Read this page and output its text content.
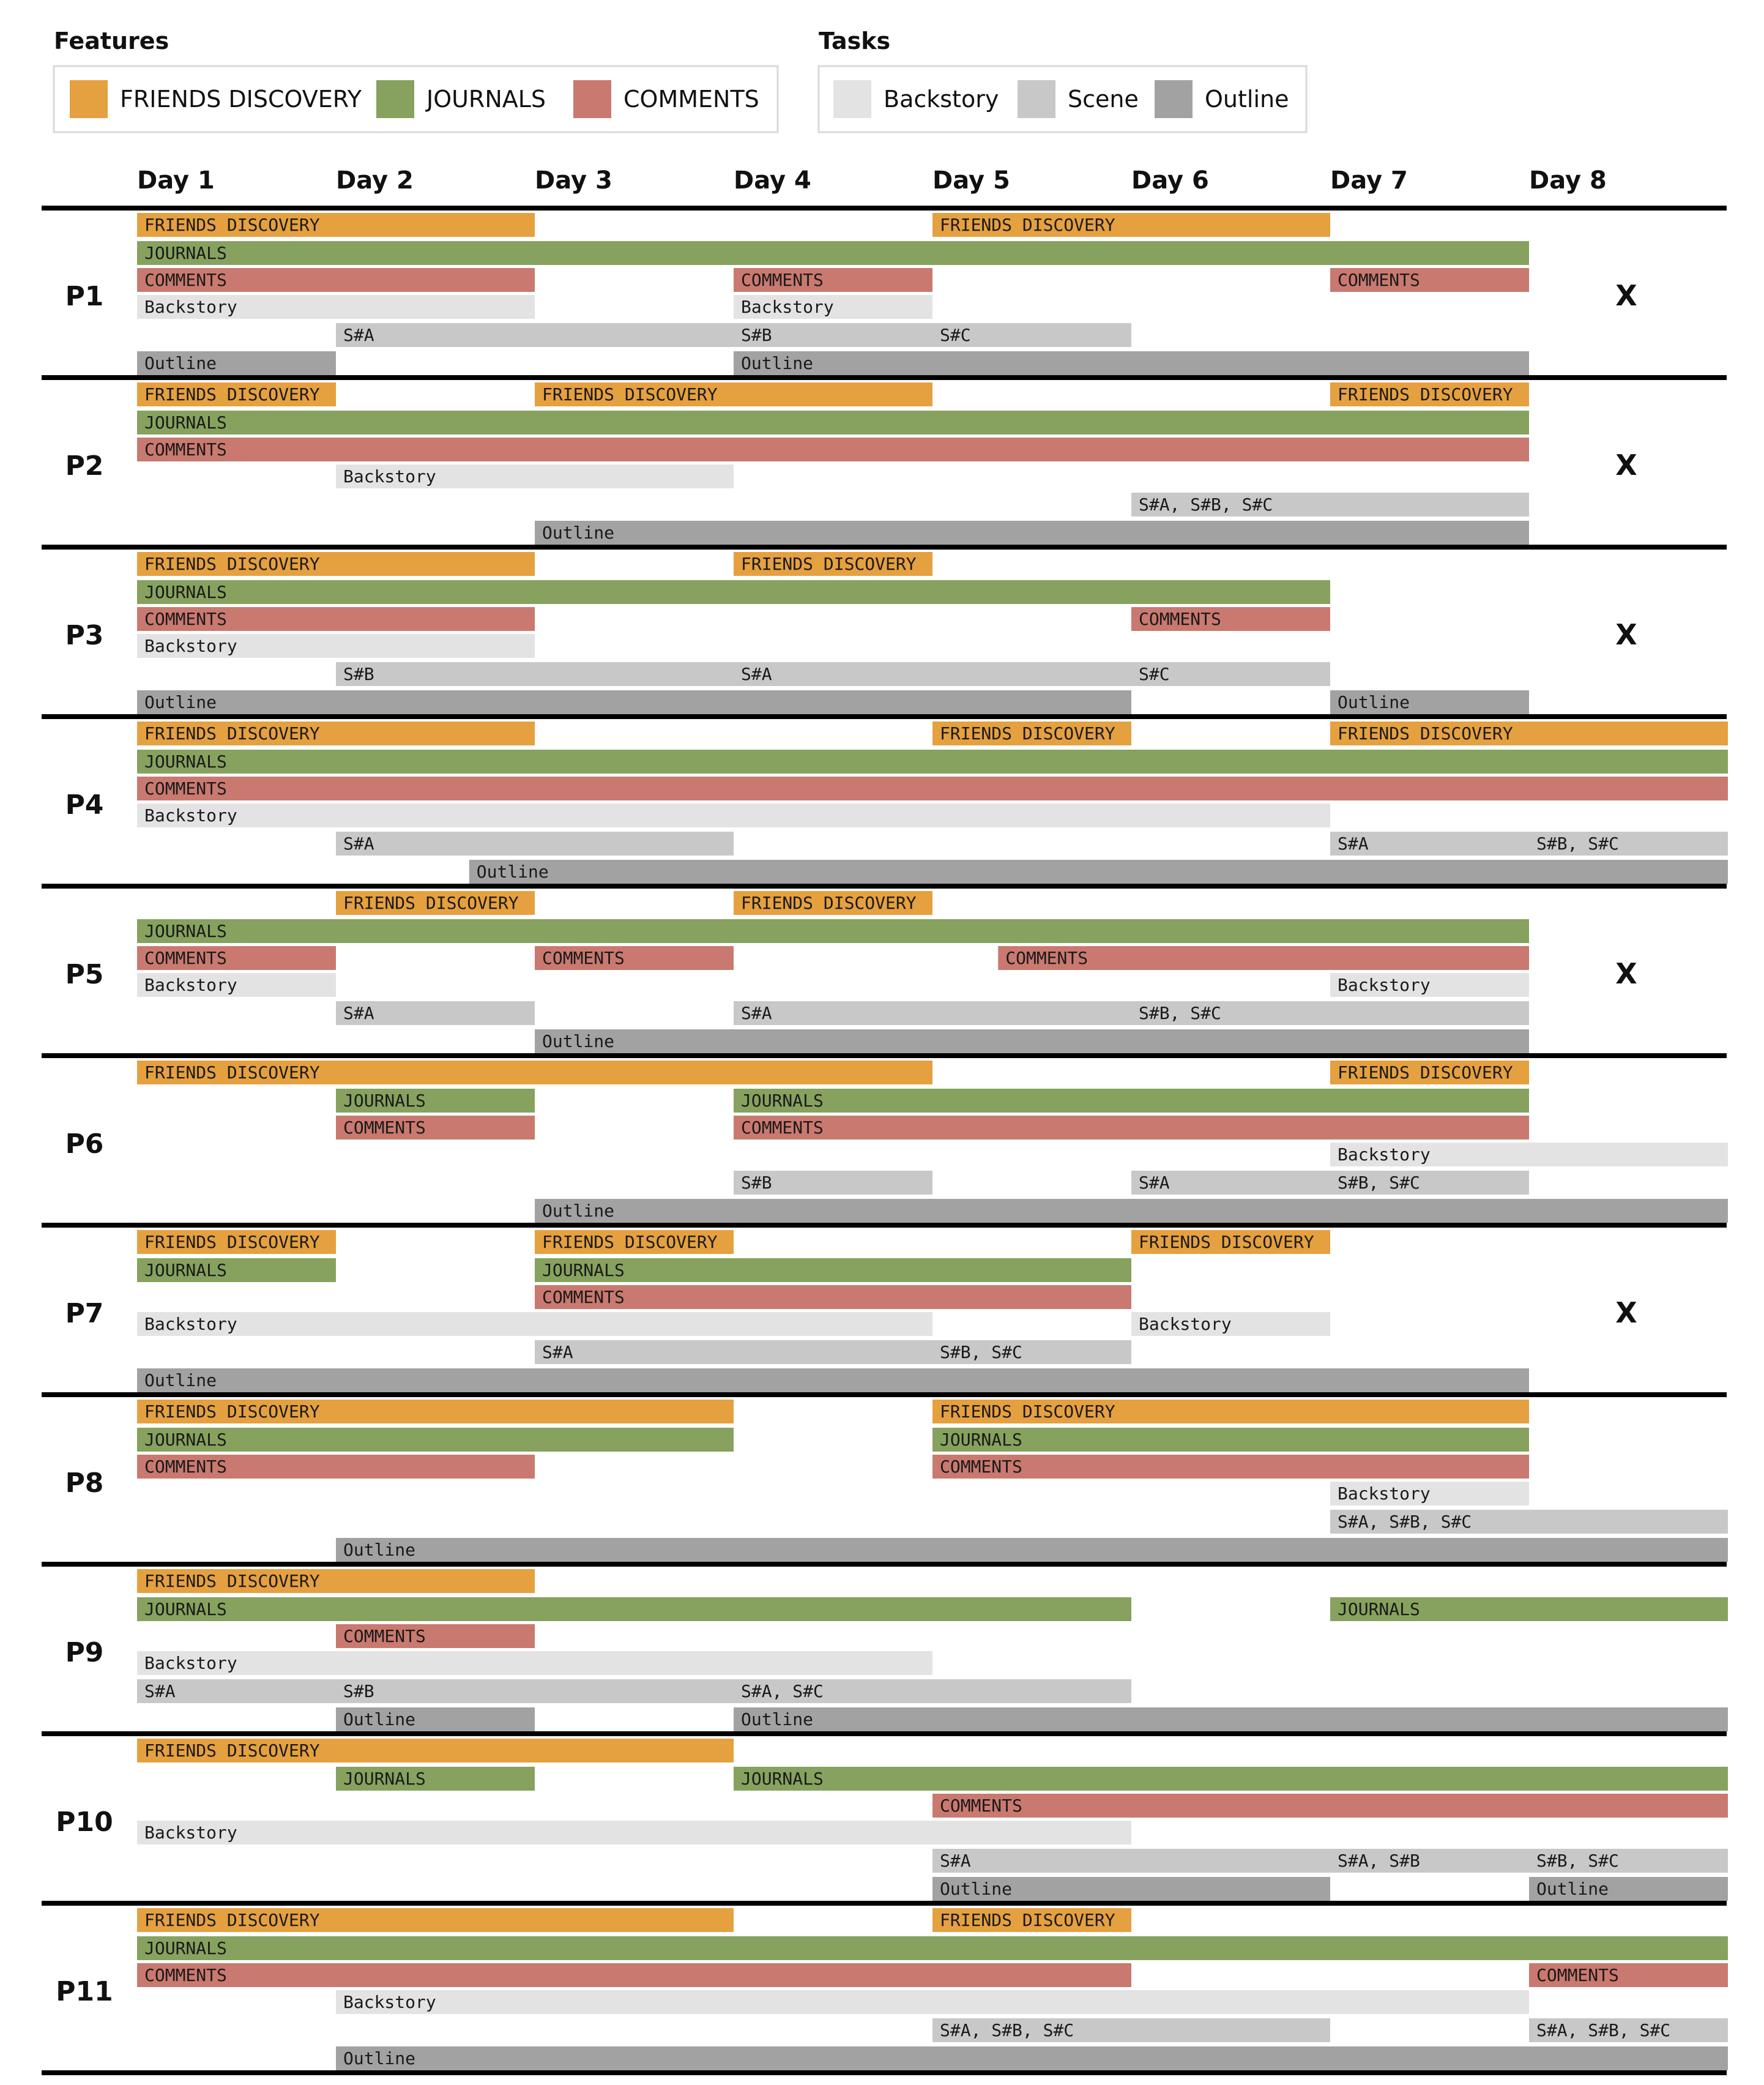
Features
FRIENDS DISCOVERY	JOURNALS	COMMENTS
Tasks
Backstory	Scene	Outline
Day 1	Day 2	Day 3	Day 4	Day 5	Day 6	Day 7	Day 8
FRIENDS DISCOVERY	FRIENDS DISCOVERY
JOURNALS
COMMENTS	COMMENTS	COMMENTS
Backstory	Backstory
S#A	S#B	S#C
Outline	Outline
P1	X
FRIENDS DISCOVERY	FRIENDS DISCOVERY	FRIENDS DISCOVERY
JOURNALS
COMMENTS
Backstory
S#A, S#B, S#C
Outline
P2	X
FRIENDS DISCOVERY	FRIENDS DISCOVERY
JOURNALS
COMMENTS	COMMENTS
Backstory
S#B	S#A	S#C
Outline	Outline
P3	X
FRIENDS DISCOVERY	FRIENDS DISCOVERY	FRIENDS DISCOVERY
JOURNALS
COMMENTS
Backstory
S#A	S#A	S#B, S#C
Outline
P4
FRIENDS DISCOVERY	FRIENDS DISCOVERY
JOURNALS
COMMENTS	COMMENTS	COMMENTS
Backstory	Backstory
S#A	S#A	S#B, S#C
Outline
P5	X
FRIENDS DISCOVERY	FRIENDS DISCOVERY
JOURNALS	JOURNALS
COMMENTS	COMMENTS
Backstory
S#B	S#A	S#B, S#C
Outline
P6
FRIENDS DISCOVERY	FRIENDS DISCOVERY	FRIENDS DISCOVERY
JOURNALS	JOURNALS
COMMENTS
Backstory	Backstory
S#A	S#B, S#C
Outline
P7	X
FRIENDS DISCOVERY	FRIENDS DISCOVERY
JOURNALS	JOURNALS
COMMENTS	COMMENTS
Backstory
S#A, S#B, S#C
Outline
P8
FRIENDS DISCOVERY
JOURNALS	JOURNALS
COMMENTS
Backstory
S#A	S#B	S#A, S#C
Outline	Outline
P9
FRIENDS DISCOVERY
JOURNALS	JOURNALS
COMMENTS
Backstory
S#A	S#A, S#B	S#B, S#C
Outline	Outline
P10
FRIENDS DISCOVERY	FRIENDS DISCOVERY
JOURNALS
COMMENTS	COMMENTS
Backstory
S#A, S#B, S#C	S#A, S#B, S#C
Outline
P11
